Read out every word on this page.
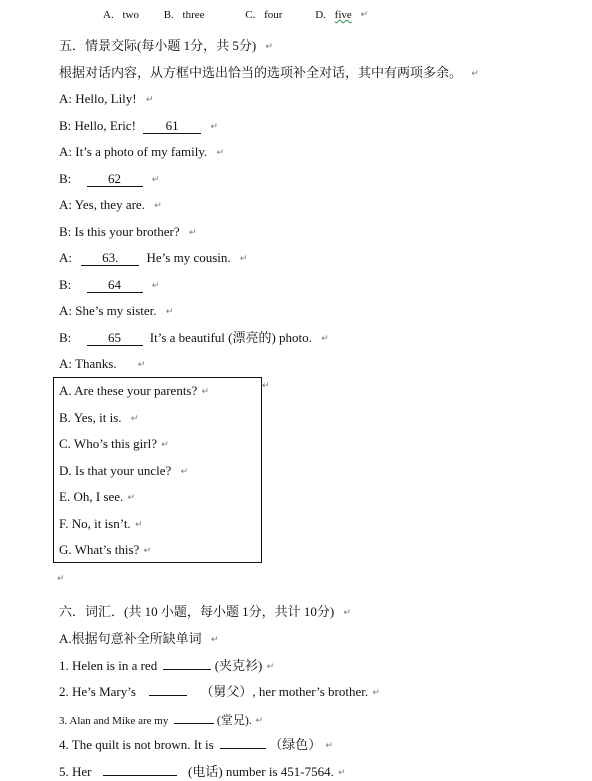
A. two B. three	C. four	D. five ↵
五．情景交际(每小题 1分，共 5分) ↵
根据对话内容，从方框中选出恰当的选项补全对话，其中有两项多余。 ↵
A: Hello, Lily! ↵
B: Hello, Eric! 61	↵
A: It’s a photo of my family. ↵
B:	62	↵
A: Yes, they are. ↵
B: Is this your brother? ↵
A: 63. He’s my cousin. ↵
B:	64	↵
A: She’s my sister. ↵
B:	65 It’s a beautiful (漂亮的) photo. ↵
A: Thanks. ↵
↵
A. Are these your parents? ↵
B. Yes, it is. ↵
C. Who’s this girl? ↵
D. Is that your uncle? ↵
E. Oh, I see. ↵
F. No, it isn’t. ↵
G. What’s this? ↵
↵
六．词汇．(共 10 小题，每小题 1分，共计 10分) ↵
A.根据句意补全所缺单词 ↵
1. Helen is in a red	(夹克衫) ↵
2. He’s Mary’s	（舅父）, her mother’s brother. ↵
3. Alan and Mike are my	(堂兄). ↵
4. The quilt is not brown. It is	（绿色） ↵
5. Her	(电话) number is 451-7564. ↵
